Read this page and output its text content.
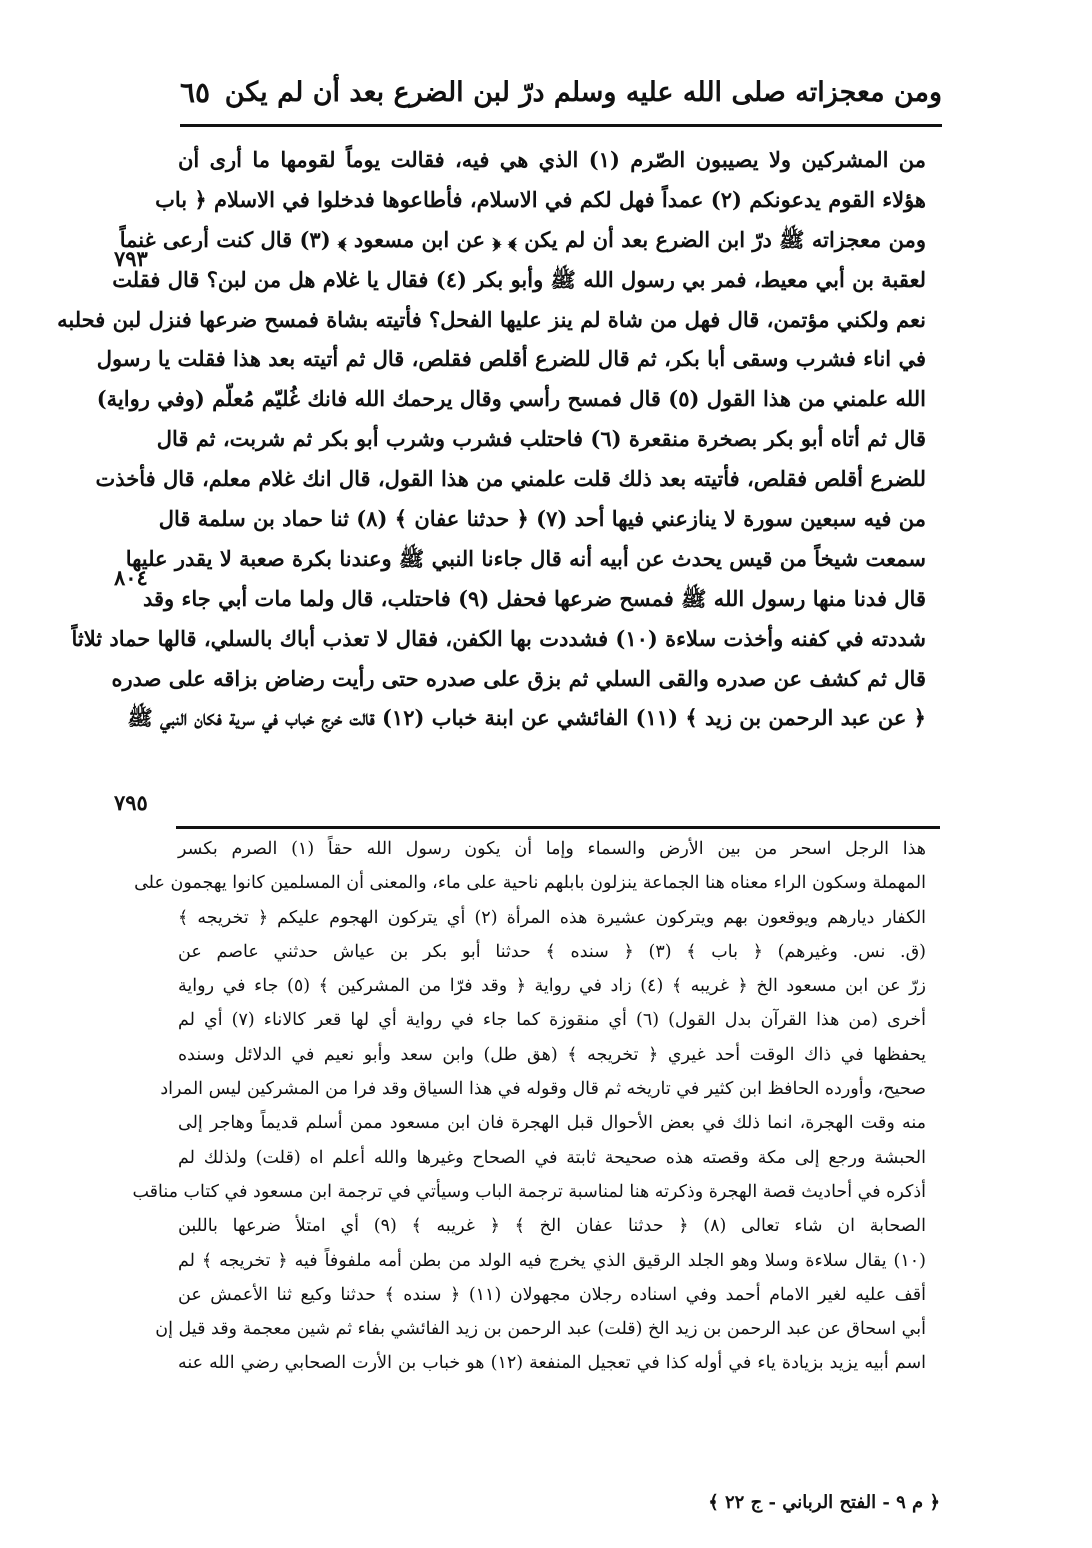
ومن معجزاته صلى الله عليه وسلم درّ لبن الضرع بعد أن لم يكن
٦٥
من المشركين ولا يصيبون الصّرم (١) الذي هي فيه، فقالت يوماً لقومها ما أرى أن
هؤلاء القوم يدعونكم (٢) عمداً فهل لكم في الاسلام، فأطاعوها فدخلوا في الاسلام ﴿ باب
ومن معجزاته ﷺ درّ ابن الضرع بعد أن لم يكن ﴾ ﴿ عن ابن مسعود ﴾ (٣) قال كنت أرعى غنماً
لعقبة بن أبي معيط، فمر بي رسول الله ﷺ وأبو بكر (٤) فقال يا غلام هل من لبن؟ قال فقلت
نعم ولكني مؤتمن، قال فهل من شاة لم ينز عليها الفحل؟ فأتيته بشاة فمسح ضرعها فنزل لبن فحلبه
في اناء فشرب وسقى أبا بكر، ثم قال للضرع أقلص فقلص، قال ثم أتيته بعد هذا فقلت يا رسول
الله علمني من هذا القول (٥) قال فمسح رأسي وقال يرحمك الله فانك غُليّم مُعلّم (وفي رواية)
قال ثم أتاه أبو بكر بصخرة منقعرة (٦) فاحتلب فشرب وشرب أبو بكر ثم شربت، ثم قال
للضرع أقلص فقلص، فأتيته بعد ذلك قلت علمني من هذا القول، قال انك غلام معلم، قال فأخذت
من فيه سبعين سورة لا ينازعني فيها أحد (٧) ﴿ حدثنا عفان ﴾ (٨) ثنا حماد بن سلمة قال
سمعت شيخاً من قيس يحدث عن أبيه أنه قال جاءنا النبي ﷺ وعندنا بكرة صعبة لا يقدر عليها
قال فدنا منها رسول الله ﷺ فمسح ضرعها فحفل (٩) فاحتلب، قال ولما مات أبي جاء وقد
شددته في كفنه وأخذت سلاءة (١٠) فشددت بها الكفن، فقال لا تعذب أباك بالسلي، قالها حماد ثلاثاً
قال ثم كشف عن صدره والقى السلي ثم بزق على صدره حتى رأيت رضاض بزاقه على صدره
﴿ عن عبد الرحمن بن زيد ﴾ (١١) الفائشي عن ابنة خباب (١٢) قالت خرج خباب في سرية فكان النبي ﷺ
٧٩٣
٨٠٤
٧٩٥
هذا الرجل اسحر من بين الأرض والسماء وإما أن يكون رسول الله حقاً (١) الصرم بكسر
المهملة وسكون الراء معناه هنا الجماعة ينزلون بابلهم ناحية على ماء، والمعنى أن المسلمين كانوا يهجمون على
الكفار ديارهم ويوقعون بهم ويتركون عشيرة هذه المرأة (٢) أي يتركون الهجوم عليكم ﴿ تخريجه ﴾
(ق. نس. وغيرهم) ﴿ باب ﴾ (٣) ﴿ سنده ﴾ حدثنا أبو بكر بن عياش حدثني عاصم عن
زرّ عن ابن مسعود الخ ﴿ غريبه ﴾ (٤) زاد في رواية ﴿ وقد فرّا من المشركين ﴾ (٥) جاء في رواية
أخرى (من هذا القرآن بدل القول) (٦) أي منقوزة كما جاء في رواية أي لها قعر كالاناء (٧) أي لم
يحفظها في ذاك الوقت أحد غيري ﴿ تخريجه ﴾ (هق طل) وابن سعد وأبو نعيم في الدلائل وسنده
صحيح، وأورده الحافظ ابن كثير في تاريخه ثم قال وقوله في هذا السياق وقد فرا من المشركين ليس المراد
منه وقت الهجرة، انما ذلك في بعض الأحوال قبل الهجرة فان ابن مسعود ممن أسلم قديماً وهاجر إلى
الحبشة ورجع إلى مكة وقصته هذه صحيحة ثابتة في الصحاح وغيرها والله أعلم اه (قلت) ولذلك لم
أذكره في أحاديث قصة الهجرة وذكرته هنا لمناسبة ترجمة الباب وسيأتي في ترجمة ابن مسعود في كتاب مناقب
الصحابة ان شاء تعالى (٨) ﴿ حدثنا عفان الخ ﴾ ﴿ غريبه ﴾ (٩) أي امتلأ ضرعها باللبن
(١٠) يقال سلاءة وسلا وهو الجلد الرقيق الذي يخرج فيه الولد من بطن أمه ملفوفاً فيه ﴿ تخريجه ﴾ لم
أقف عليه لغير الامام أحمد وفي اسناده رجلان مجهولان (١١) ﴿ سنده ﴾ حدثنا وكيع ثنا الأعمش عن
أبي اسحاق عن عبد الرحمن بن زيد الخ (قلت) عبد الرحمن بن زيد الفائشي بفاء ثم شين معجمة وقد قيل إن
اسم أبيه يزيد بزيادة ياء في أوله كذا في تعجيل المنفعة (١٢) هو خباب بن الأرت الصحابي رضي الله عنه
﴿ م ٩ - الفتح الرباني - ج ٢٢ ﴾
